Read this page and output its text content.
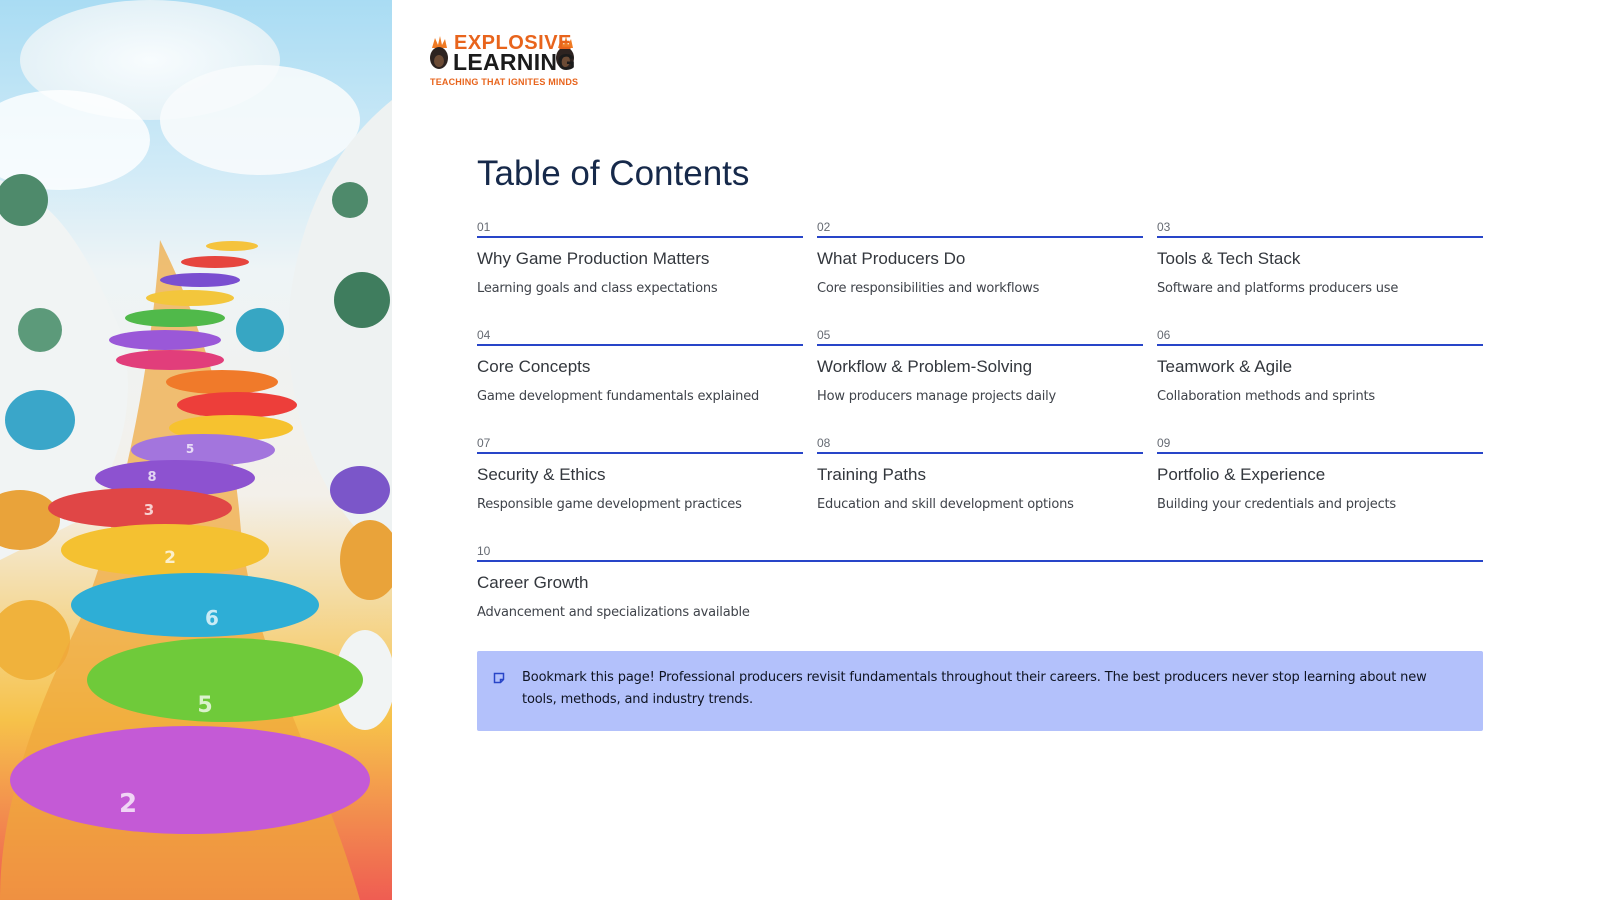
2
5
6
2
3
8
5
EXPLOSIVE
LEARNING
TEACHING THAT IGNITES MINDS
Table of Contents
01
Why Game Production Matters
Learning goals and class expectations
02
What Producers Do
Core responsibilities and workflows
03
Tools & Tech Stack
Software and platforms producers use
04
Core Concepts
Game development fundamentals explained
05
Workflow & Problem-Solving
How producers manage projects daily
06
Teamwork & Agile
Collaboration methods and sprints
07
Security & Ethics
Responsible game development practices
08
Training Paths
Education and skill development options
09
Portfolio & Experience
Building your credentials and projects
10
Career Growth
Advancement and specializations available
Bookmark this page! Professional producers revisit fundamentals throughout their careers. The best producers never stop learning about new tools, methods, and industry trends.
